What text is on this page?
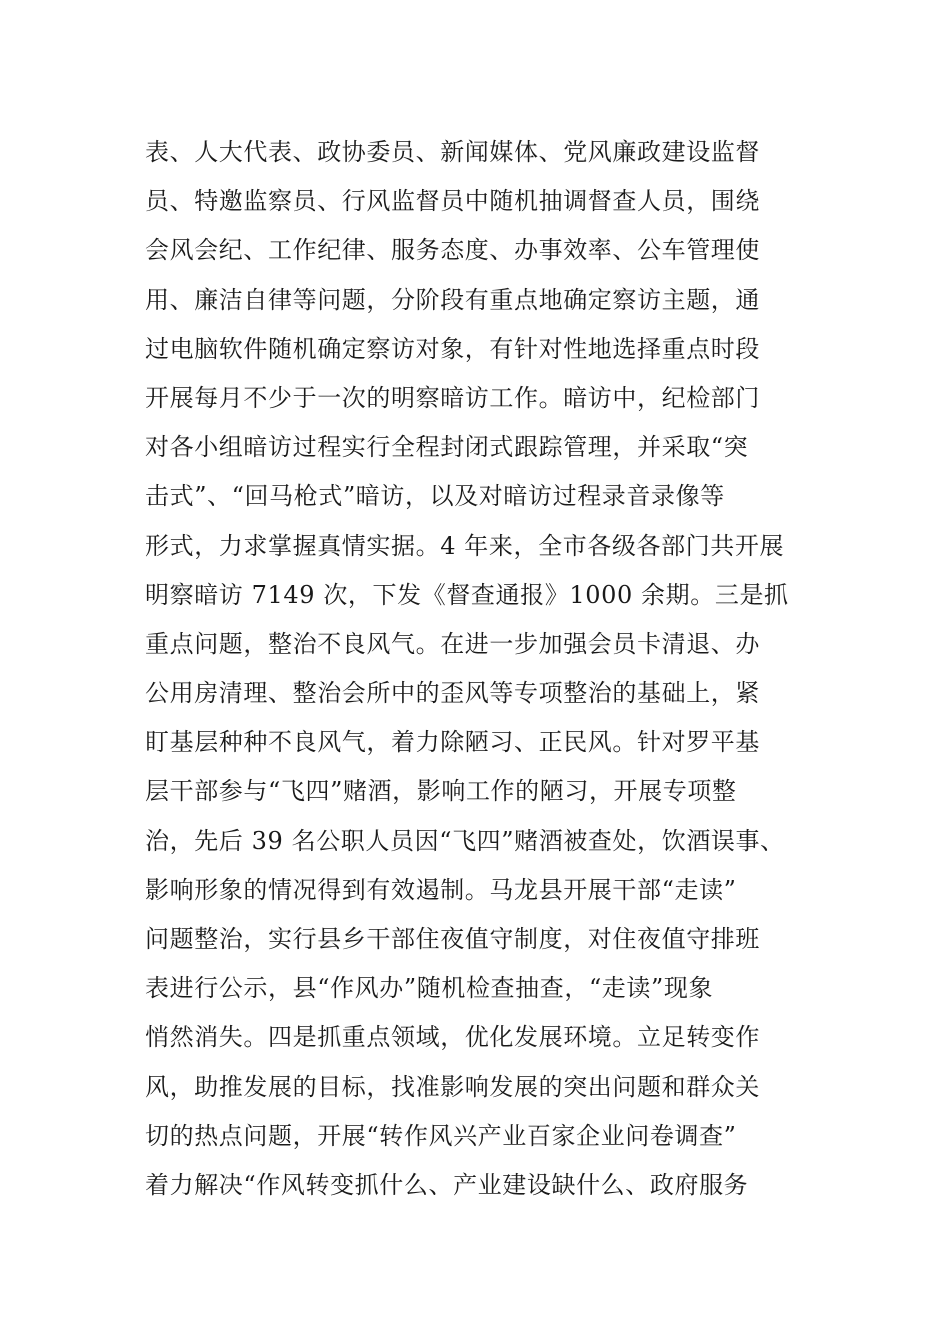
表、人大代表、政协委员、新闻媒体、党风廉政建设监督
员、特邀监察员、行风监督员中随机抽调督查人员，围绕
会风会纪、工作纪律、服务态度、办事效率、公车管理使
用、廉洁自律等问题，分阶段有重点地确定察访主题，通
过电脑软件随机确定察访对象，有针对性地选择重点时段
开展每月不少于一次的明察暗访工作。暗访中，纪检部门
对各小组暗访过程实行全程封闭式跟踪管理，并采取“突
击式”、“回马枪式”暗访，以及对暗访过程录音录像等
形式，力求掌握真情实据。4 年来，全市各级各部门共开展
明察暗访 7149 次，下发《督查通报》1000 余期。三是抓
重点问题，整治不良风气。在进一步加强会员卡清退、办
公用房清理、整治会所中的歪风等专项整治的基础上，紧
盯基层种种不良风气，着力除陋习、正民风。针对罗平基
层干部参与“飞四”赌酒，影响工作的陋习，开展专项整
治，先后 39 名公职人员因“飞四”赌酒被查处，饮酒误事、
影响形象的情况得到有效遏制。马龙县开展干部“走读”
问题整治，实行县乡干部住夜值守制度，对住夜值守排班
表进行公示，县“作风办”随机检查抽查，“走读”现象
悄然消失。四是抓重点领域，优化发展环境。立足转变作
风，助推发展的目标，找准影响发展的突出问题和群众关
切的热点问题，开展“转作风兴产业百家企业问卷调查”
着力解决“作风转变抓什么、产业建设缺什么、政府服务
